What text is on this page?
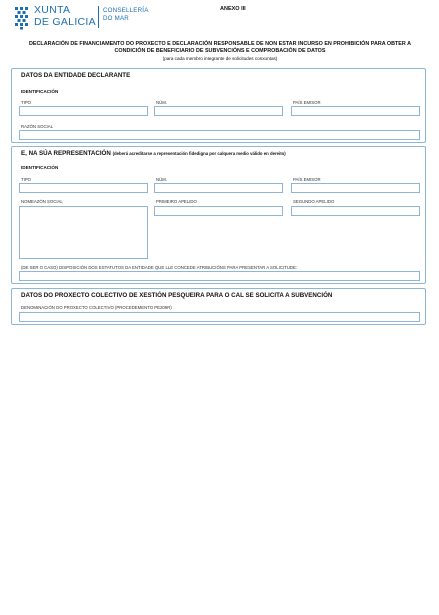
XUNTA
DE GALICIA
CONSELLERÍA
DO MAR
ANEXO III
DECLARACIÓN DE FINANCIAMENTO DO PROXECTO E DECLARACIÓN RESPONSABLE DE NON ESTAR INCURSO EN PROHIBICIÓN PARA OBTER A
CONDICIÓN DE BENEFICIARIO DE SUBVENCIÓNS E COMPROBACIÓN DE DATOS
(para cada membro integrante de solicitudes conxuntas)
DATOS DA ENTIDADE DECLARANTE
IDENTIFICACIÓN
TIPO	NÚM.	PAÍS EMISOR
RAZÓN SOCIAL
E, NA SÚA REPRESENTACIÓN (deberá acreditarse a representación fidedigna por calquera medio válido en dereito)
IDENTIFICACIÓN
TIPO	NÚM.	PAÍS EMISOR
NOMEAZÓN SOCIAL	PRIMEIRO APELIDO	SEGUNDO APELIDO
(DE SER O CASO) DISPOSICIÓN DOS ESTATUTOS DA ENTIDADE QUE LLE CONCEDE ATRIBUCIÓNS PARA PRESENTAR A SOLICITUDE:
DATOS DO PROXECTO COLECTIVO DE XESTIÓN PESQUEIRA PARA O CAL SE SOLICITA A SUBVENCIÓN
DENOMINACIÓN DO PROXECTO COLECTIVO (PROCEDEMENTO PE209R)
